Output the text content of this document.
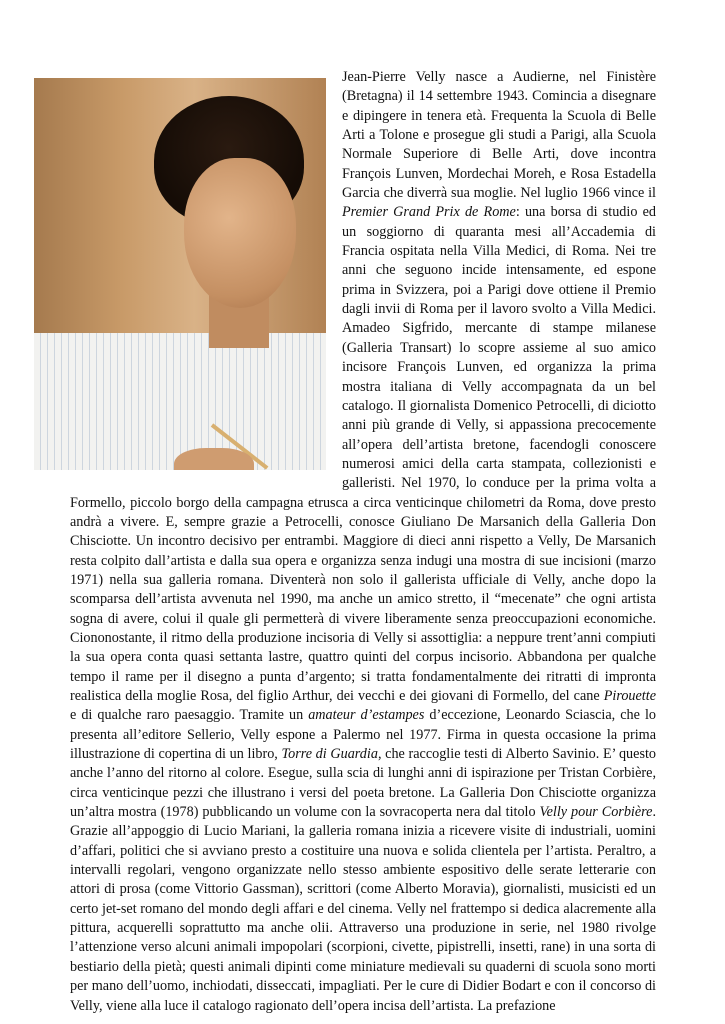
Jean-Pierre Velly nasce a Audierne, nel Finistère (Bretagna) il 14 settembre 1943. Comincia a disegnare e dipingere in tenera età. Frequenta la Scuola di Belle Arti a Tolone e prosegue gli studi a Parigi, alla Scuola Normale Superiore di Belle Arti, dove incontra François Lunven, Mordechai Moreh, e Rosa Estadella Garcia che diverrà sua moglie. Nel luglio 1966 vince il Premier Grand Prix de Rome: una borsa di studio ed un soggiorno di quaranta mesi all’Accademia di Francia ospitata nella Villa Medici, di Roma. Nei tre anni che seguono incide intensamente, ed espone prima in Svizzera, poi a Parigi dove ottiene il Premio dagli invii di Roma per il lavoro svolto a Villa Medici. Amadeo Sigfrido, mercante di stampe milanese (Galleria Transart) lo scopre assieme al suo amico incisore François Lunven, ed organizza la prima mostra italiana di Velly accompagnata da un bel catalogo. Il giornalista Domenico Petrocelli, di diciotto anni più grande di Velly, si appassiona precocemente all’opera dell’artista bretone, facendogli conoscere numerosi amici della carta stampata, collezionisti e galleristi. Nel 1970, lo conduce per la prima volta a Formello, piccolo borgo della campagna etrusca a circa venticinque chilometri da Roma, dove presto andrà a vivere. E, sempre grazie a Petrocelli, conosce Giuliano De Marsanich della Galleria Don Chisciotte. Un incontro decisivo per entrambi. Maggiore di dieci anni rispetto a Velly, De Marsanich resta colpito dall’artista e dalla sua opera e organizza senza indugi una mostra di sue incisioni (marzo 1971) nella sua galleria romana. Diventerà non solo il gallerista ufficiale di Velly, anche dopo la scomparsa dell’artista avvenuta nel 1990, ma anche un amico stretto, il “mecenate” che ogni artista sogna di avere, colui il quale gli permetterà di vivere liberamente senza preoccupazioni economiche. Ciononostante, il ritmo della produzione incisoria di Velly si assottiglia: a neppure trent’anni compiuti la sua opera conta quasi settanta lastre, quattro quinti del corpus incisorio. Abbandona per qualche tempo il rame per il disegno a punta d’argento; si tratta fondamentalmente dei ritratti di impronta realistica della moglie Rosa, del figlio Arthur, dei vecchi e dei giovani di Formello, del cane Pirouette e di qualche raro paesaggio. Tramite un amateur d’estampes d’eccezione, Leonardo Sciascia, che lo presenta all’editore Sellerio, Velly espone a Palermo nel 1977. Firma in questa occasione la prima illustrazione di copertina di un libro, Torre di Guardia, che raccoglie testi di Alberto Savinio. E’ questo anche l’anno del ritorno al colore. Esegue, sulla scia di lunghi anni di ispirazione per Tristan Corbière, circa venticinque pezzi che illustrano i versi del poeta bretone. La Galleria Don Chisciotte organizza un’altra mostra (1978) pubblicando un volume con la sovracoperta nera dal titolo Velly pour Corbière. Grazie all’appoggio di Lucio Mariani, la galleria romana inizia a ricevere visite di industriali, uomini d’affari, politici che si avviano presto a costituire una nuova e solida clientela per l’artista. Peraltro, a intervalli regolari, vengono organizzate nello stesso ambiente espositivo delle serate letterarie con attori di prosa (come Vittorio Gassman), scrittori (come Alberto Moravia), giornalisti, musicisti ed un certo jet-set romano del mondo degli affari e del cinema. Velly nel frattempo si dedica alacremente alla pittura, acquerelli soprattutto ma anche olii. Attraverso una produzione in serie, nel 1980 rivolge l’attenzione verso alcuni animali impopolari (scorpioni, civette, pipistrelli, insetti, rane) in una sorta di bestiario della pietà; questi animali dipinti come miniature medievali su quaderni di scuola sono morti per mano dell’uomo, inchiodati, disseccati, impagliati. Per le cure di Didier Bodart e con il concorso di Velly, viene alla luce il catalogo ragionato dell’opera incisa dell’artista. La prefazione
